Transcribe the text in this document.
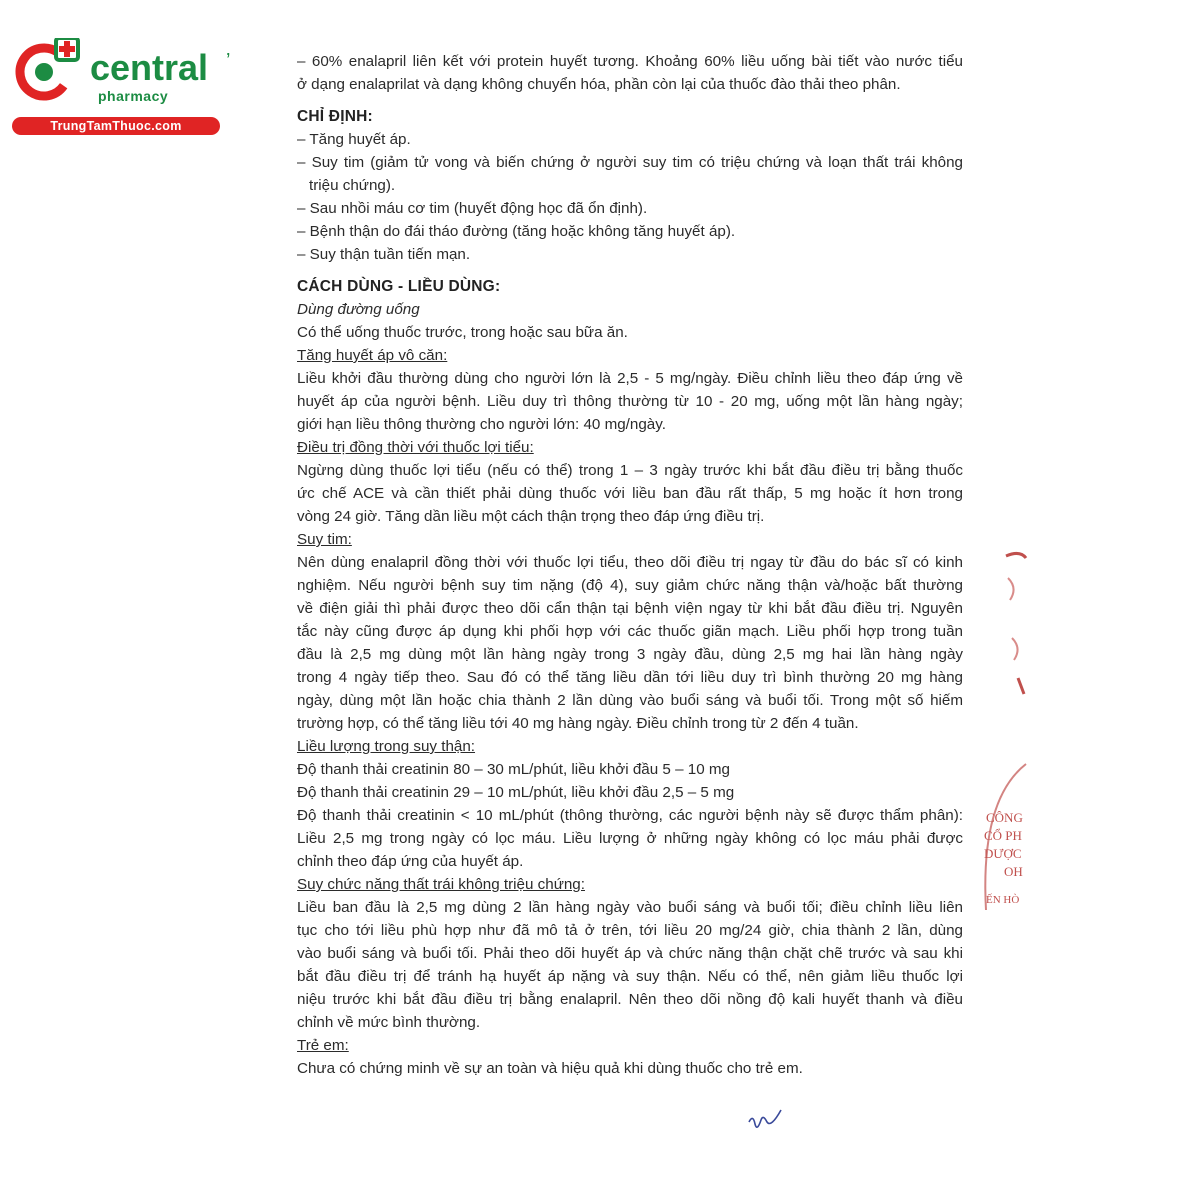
central ’
pharmacy
TrungTamThuoc.com
– 60% enalapril liên kết với protein huyết tương. Khoảng 60% liều uống bài tiết vào nước tiểu
ở dạng enalaprilat và dạng không chuyển hóa, phần còn lại của thuốc đào thải theo phân.
CHỈ ĐỊNH:
– Tăng huyết áp.
– Suy tim (giảm tử vong và biến chứng ở người suy tim có triệu chứng và loạn thất trái không
triệu chứng).
– Sau nhồi máu cơ tim (huyết động học đã ổn định).
– Bệnh thận do đái tháo đường (tăng hoặc không tăng huyết áp).
– Suy thận tuần tiến mạn.
CÁCH DÙNG - LIỀU DÙNG:
Dùng đường uống
Có thể uống thuốc trước, trong hoặc sau bữa ăn.
Tăng huyết áp vô căn:
Liều khởi đầu thường dùng cho người lớn là 2,5 - 5 mg/ngày. Điều chỉnh liều theo đáp ứng về
huyết áp của người bệnh. Liều duy trì thông thường từ 10 - 20 mg, uống một lần hàng ngày;
giới hạn liều thông thường cho người lớn: 40 mg/ngày.
Điều trị đồng thời với thuốc lợi tiểu:
Ngừng dùng thuốc lợi tiểu (nếu có thể) trong 1 – 3 ngày trước khi bắt đầu điều trị bằng thuốc
ức chế ACE và cần thiết phải dùng thuốc với liều ban đầu rất thấp, 5 mg hoặc ít hơn trong
vòng 24 giờ. Tăng dần liều một cách thận trọng theo đáp ứng điều trị.
Suy tim:
Nên dùng enalapril đồng thời với thuốc lợi tiểu, theo dõi điều trị ngay từ đầu do bác sĩ có kinh
nghiệm. Nếu người bệnh suy tim nặng (độ 4), suy giảm chức năng thận và/hoặc bất thường
về điện giải thì phải được theo dõi cẩn thận tại bệnh viện ngay từ khi bắt đầu điều trị. Nguyên
tắc này cũng được áp dụng khi phối hợp với các thuốc giãn mạch. Liều phối hợp trong tuần
đầu là 2,5 mg dùng một lần hàng ngày trong 3 ngày đầu, dùng 2,5 mg hai lần hàng ngày
trong 4 ngày tiếp theo. Sau đó có thể tăng liều dần tới liều duy trì bình thường 20 mg hàng
ngày, dùng một lần hoặc chia thành 2 lần dùng vào buổi sáng và buổi tối. Trong một số hiếm
trường hợp, có thể tăng liều tới 40 mg hàng ngày. Điều chỉnh trong từ 2 đến 4 tuần.
Liều lượng trong suy thận:
Độ thanh thải creatinin 80 – 30 mL/phút, liều khởi đầu 5 – 10 mg
Độ thanh thải creatinin 29 – 10 mL/phút, liều khởi đầu 2,5 – 5 mg
Độ thanh thải creatinin < 10 mL/phút (thông thường, các người bệnh này sẽ được thẩm phân):
Liều 2,5 mg trong ngày có lọc máu. Liều lượng ở những ngày không có lọc máu phải được
chỉnh theo đáp ứng của huyết áp.
Suy chức năng thất trái không triệu chứng:
Liều ban đầu là 2,5 mg dùng 2 lần hàng ngày vào buổi sáng và buổi tối; điều chỉnh liều liên
tục cho tới liều phù hợp như đã mô tả ở trên, tới liều 20 mg/24 giờ, chia thành 2 lần, dùng
vào buổi sáng và buổi tối. Phải theo dõi huyết áp và chức năng thận chặt chẽ trước và sau khi
bắt đầu điều trị để tránh hạ huyết áp nặng và suy thận. Nếu có thể, nên giảm liều thuốc lợi
niệu trước khi bắt đầu điều trị bằng enalapril. Nên theo dõi nồng độ kali huyết thanh và điều
chỉnh về mức bình thường.
Trẻ em:
Chưa có chứng minh về sự an toàn và hiệu quả khi dùng thuốc cho trẻ em.
CÔNG
CỔ PH
DƯỢC
OH
ẾN HÒ
